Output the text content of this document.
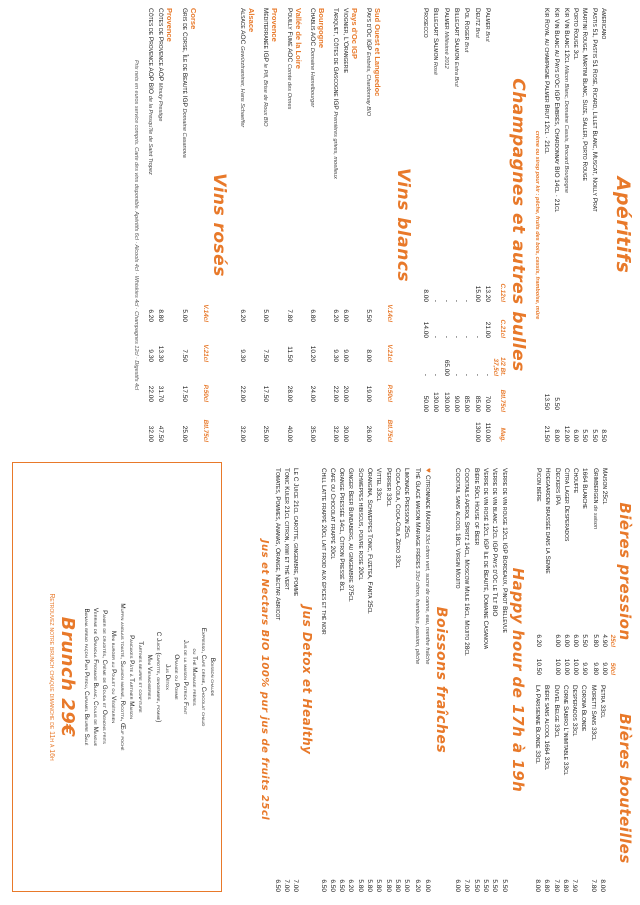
Apéritifs
Americano
8.50
Pastis 51, Pastis 51 Rosé, Ricard, Lillet Blanc, Muscat, Noilly Prat
5.50
Martini Rouge, Martini Blanc, Suze, Saller, Porto Rouge
5.50
Porto Rouge 3cl
6.00
Kir Vin Blanc 12cl Mâcon Blanc, Domaine Cassis, Brocard Bourgogne
12.00
Kir Vin Blanc au Pays d'Oc IGP Embrés, Chardonnay BIO 14cl · 21cl
5.50
8.00
Kir Royal au champagne Palmer Brut 12cl · 21cl
13.50
21.50
crème ou sirop pour kir : pêche, fruits des bois, cassis, framboise, mûre
Champagnes et autres bulles
C.12cl
C.21cl
1/2 Bt. 37,5cl
Btl.75cl
Mag.
Palmer Brut
13.20
21.00
-
70.00
110.00
Deutz Brut
15.00
-
-
85.00
130.00
Pol Roger Brut
-
-
-
85.00
Billecart Salmon Extra Brut
-
-
-
90.00
Palmer Millésimé 2012
-
-
65.00
130.00
Billecart Salmon Rosé
-
-
-
130.00
Prosecco
8.00
14.00
-
50.00
Vins blancs
V.14cl
V.21cl
P.50cl
Btl.75cl
Sud Ouest et Languedoc
Pays d'Oc IGP Embrés, Chardonnay BIO
5.50
8.00
19.00
26.00
Pays d'Oc IGP
Viognier, L'Orangerie
6.00
9.00
20.00
30.00
Tariquet, Côtes de Gascogne IGP Premières grives, moelleux
6.20
9.30
22.00
32.00
Bourgogne
Chablis AOC Domaine Hamelbourger
6.80
10.20
24.00
35.00
Vallée de la Loire
Pouilly Fumé AOC Comte des Ormes
7.80
11.50
28.00
40.00
Provence
Méditerranée IGP le Pill, Brise de Roux BIO
5.00
7.50
17.50
25.00
Alsace
Alsace AOC Gewürztraminer, Hans Schaeffer
6.20
9.30
22.00
32.00
Vins rosés
V.14cl
V.21cl
P.50cl
Btl.75cl
Corse
Gris de Corse, Île de Beauté IGP Domaine Casanova
5.00
7.50
17.50
25.00
Provence
Côtes de Provence AOP Minuty Prestige
8.80
13.30
31.70
47.50
Côtes de Provence AOP BIO de la Presqu'île de Saint Tropez
6.20
9.30
22.00
32.00
Prix nets en euros service compris. Carte des vins disponible. Apéritifs 6cl · Alcools 4cl · Whiskies 4cl · Champagnes 12cl · Digestifs 4cl
Bières pression
25cl
50cl
Maison 25cl
4.90
9.00
Grimbergen de saison
5.80
9.80
1664 Blanche
5.50
9.90
Chouffe
6.00
10.00
Citra Lager Desperados
6.00
10.00
Deckers IPA
6.00
10.00
Hoegaarden brassée dans la Senne
Picon bière
6.20
10.50
Bières bouteilles
Petra 33cl
8.00
Moretti Sans 33cl
7.80
Corona Blonde
Desperados 33cl
7.90
Corne Sabiro L'inimitable 33cl
6.80
Duvel Belge 33cl
7.80
Bière sans alcool 1664 33cl
6.80
La Parisienne Blonde 33cl
8.00
Happy hour de 17h à 19h
Verre de vin rouge 12cl IGP Bordeaux, Pinot Bellevue
5.50
Verre de vin blanc 12cl IGP Pays d'Oc le Tilt BIO
5.50
Verre de vin rosé 12cl IGP Ile de Beauté, Domaine Casanova
5.50
Bière 50cl House of Beer
5.50
Cocktails Apérol Spritz 14cl, Moscow Mule 16cl, Mojito 28cl
7.00
Cocktail sans alcool 18cl Virgin Mojito
6.00
Boissons fraîches
♥ Citronnade Maison 33cl citron vert, sucre de canne, eau, menthe fraîche
6.00
Thé Glacé maison Mariage frères 33cl citron, framboise, passion, pêche
6.20
Limonade Pression 25cl
5.00
Coca-Cola, Coca-Cola Zéro 33cl
5.80
Perrier 33cl
5.80
Vittel 33cl
5.80
Orangina, Schweppes Tonic, Fuzetea, Fanta 25cl
5.80
Schweppes hibiscus, poivre rose 20cl
5.80
Ginger Beer Bundaberg, au gingembre 375cl
6.20
Orange Pressée 14cl, Citron Pressé 8cl
6.50
Café ou Chocolat frappé 20cl
6.50
Chill Latte frappé 20cl lait froid aux épices et thé noir
6.50
Jus Detox et Healthy
Le C Juice 21cl carotte, gingembre, pomme
7.00
Tonic Kuler 21cl citron, kiwi et thé vert
7.00
Tomates, Pommes, Ananas, Orange, Nectar Abricot
6.50
Jus et Nectars BIO 100% pur jus de fruits 25cl
Boisson chaude
Expresso, Café crème, Chocolat chaud
ou Thé Mariage frères
Jus de la maison Patrick Font
Orange ou Pomme
Jus Détox
C Juice (carotte, gingembre, pomme)
Mini Viennoiseries
Tartines beurre et confiture
Pancakes Pâte à Tartiner Maison
Muffin anglais toasté, Saumon mariné, Ricotta, Œuf poché
Mini burger au Poulet ou Végétarien
Panier de crudités, Crème de Gouda et Oignons frits
Verrine de Granola Fromage Blanc, Coulis de Mangue
Banana bread façon Pain Perdu, Caramel Beurre Salé
Brunch 29€
Retrouvez notre brunch chaque dimanche de 11h à 16h
